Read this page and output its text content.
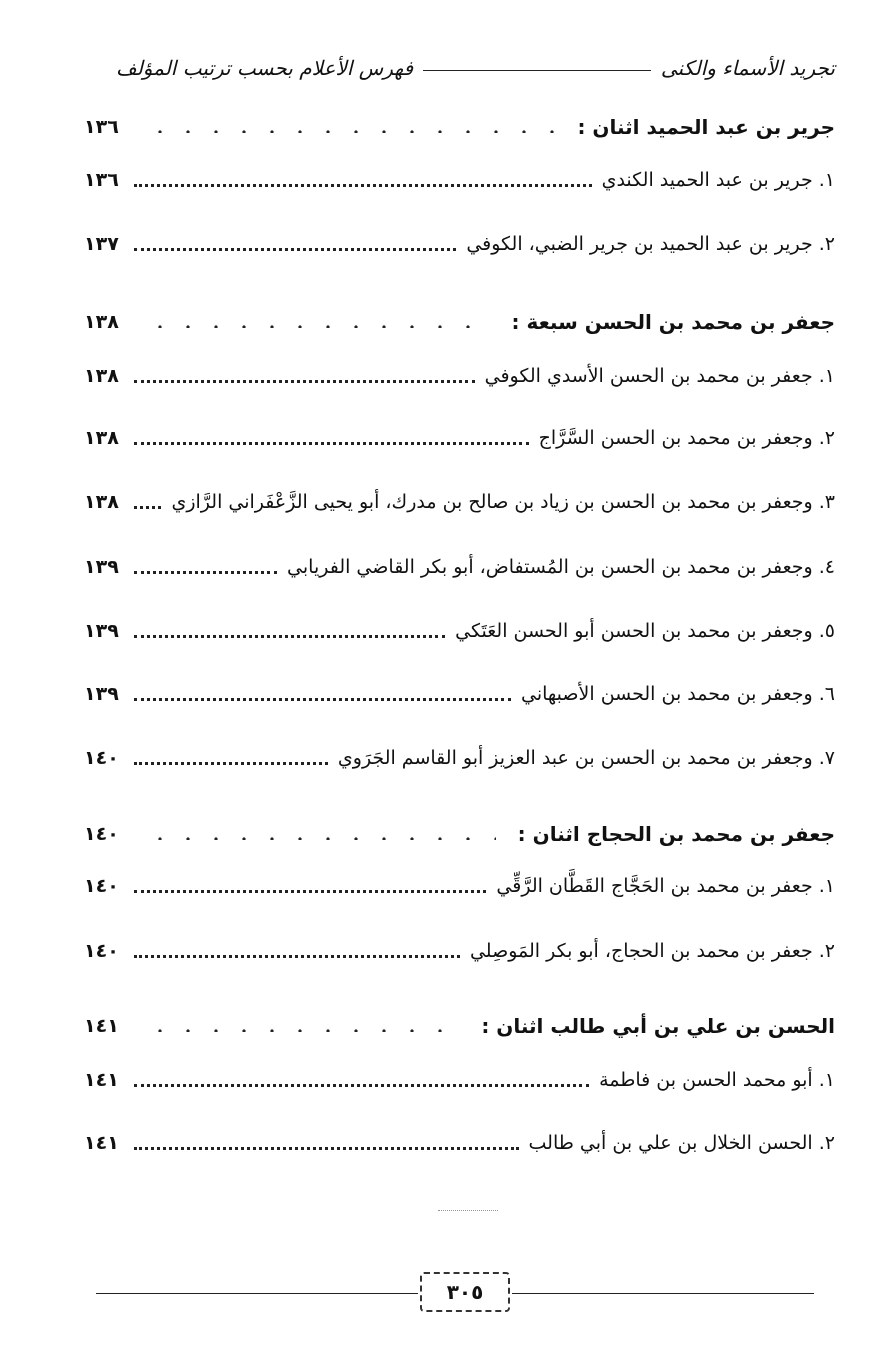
تجريد الأسماء والكنى
فهرس الأعلام بحسب ترتيب المؤلف
جرير بن عبد الحميد اثنان :
١٣٦
١. جرير بن عبد الحميد الكندي
١٣٦
٢. جرير بن عبد الحميد بن جرير الضبي، الكوفي
١٣٧
جعفر بن محمد بن الحسن سبعة :
١٣٨
١. جعفر بن محمد بن الحسن الأسدي الكوفي
١٣٨
٢. وجعفر بن محمد بن الحسن السَّرَّاج
١٣٨
٣. وجعفر بن محمد بن الحسن بن زياد بن صالح بن مدرك، أبو يحيى الزَّعْفَراني الرَّازي
١٣٨
٤. وجعفر بن محمد بن الحسن بن المُستفاض، أبو بكر القاضي الفريابي
١٣٩
٥. وجعفر بن محمد بن الحسن أبو الحسن العَتَكي
١٣٩
٦. وجعفر بن محمد بن الحسن الأصبهاني
١٣٩
٧. وجعفر بن محمد بن الحسن بن عبد العزيز أبو القاسم الجَرَوي
١٤٠
جعفر بن محمد بن الحجاج اثنان :
١٤٠
١. جعفر بن محمد بن الحَجَّاج القَطَّان الرَّقِّي
١٤٠
٢. جعفر بن محمد بن الحجاج، أبو بكر المَوصِلي
١٤٠
الحسن بن علي بن أبي طالب اثنان :
١٤١
١. أبو محمد الحسن بن فاطمة
١٤١
٢. الحسن الخلال بن علي بن أبي طالب
١٤١
٣٠٥
